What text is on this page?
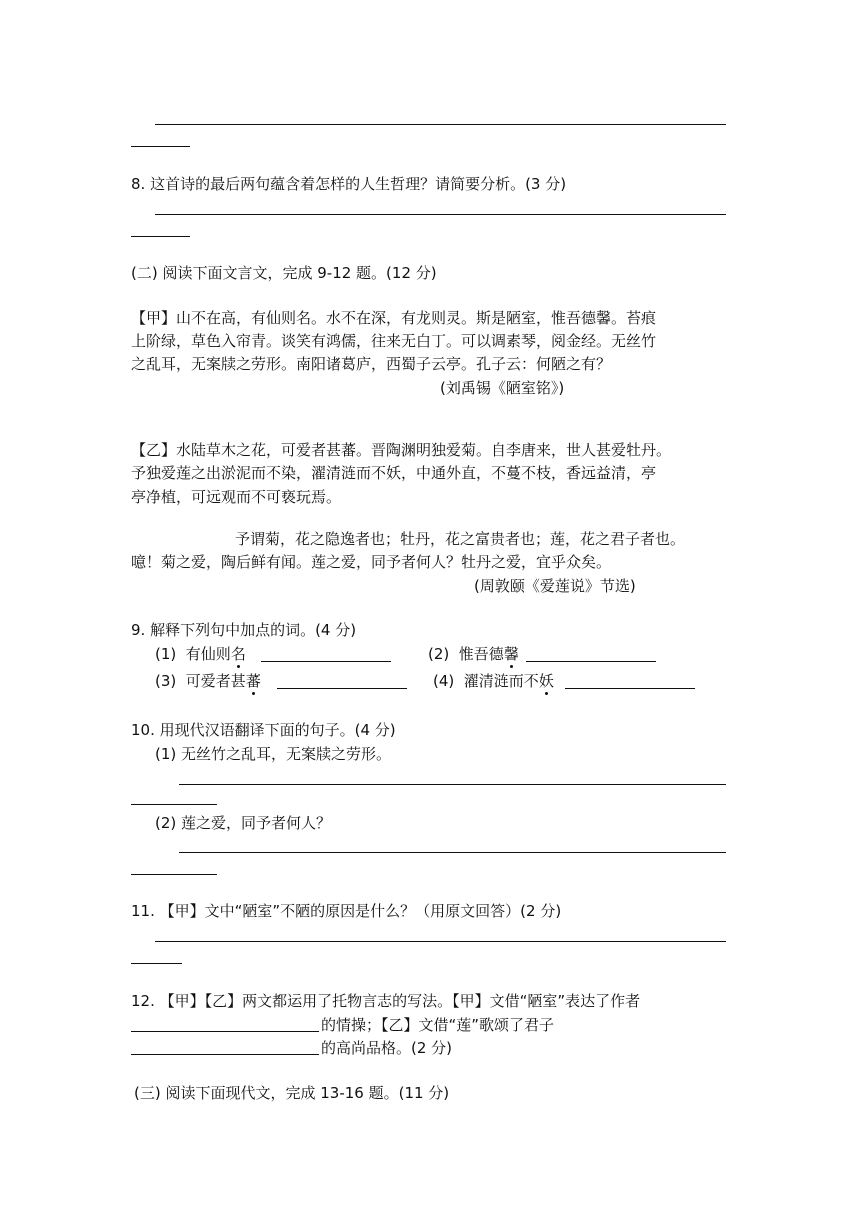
8. 这首诗的最后两句蕴含着怎样的人生哲理？请简要分析。(3 分)
(二) 阅读下面文言文，完成 9-12 题。(12 分)
【甲】山不在高，有仙则名。水不在深，有龙则灵。斯是陋室，惟吾德馨。苔痕
上阶绿，草色入帘青。谈笑有鸿儒，往来无白丁。可以调素琴，阅金经。无丝竹
之乱耳，无案牍之劳形。南阳诸葛庐，西蜀子云亭。孔子云：何陋之有？
(刘禹锡《陋室铭》)
【乙】水陆草木之花，可爱者甚蕃。晋陶渊明独爱菊。自李唐来，世人甚爱牡丹。
予独爱莲之出淤泥而不染，濯清涟而不妖，中通外直，不蔓不枝，香远益清，亭
亭净植，可远观而不可亵玩焉。
予谓菊，花之隐逸者也；牡丹，花之富贵者也；莲，花之君子者也。
噫！菊之爱，陶后鲜有闻。莲之爱，同予者何人？牡丹之爱，宜乎众矣。
(周敦颐《爱莲说》节选)
9. 解释下列句中加点的词。(4 分)
(1) 有仙则名	(2) 惟吾德馨
(3) 可爱者甚蕃	(4) 濯清涟而不妖
10. 用现代汉语翻译下面的句子。(4 分)
(1) 无丝竹之乱耳，无案牍之劳形。
(2) 莲之爱，同予者何人？
11. 【甲】文中“陋室”不陋的原因是什么？（用原文回答）(2 分)
12. 【甲】【乙】两文都运用了托物言志的写法。【甲】文借“陋室”表达了作者
的情操；【乙】文借“莲”歌颂了君子
的高尚品格。(2 分)
(三) 阅读下面现代文，完成 13-16 题。(11 分)
